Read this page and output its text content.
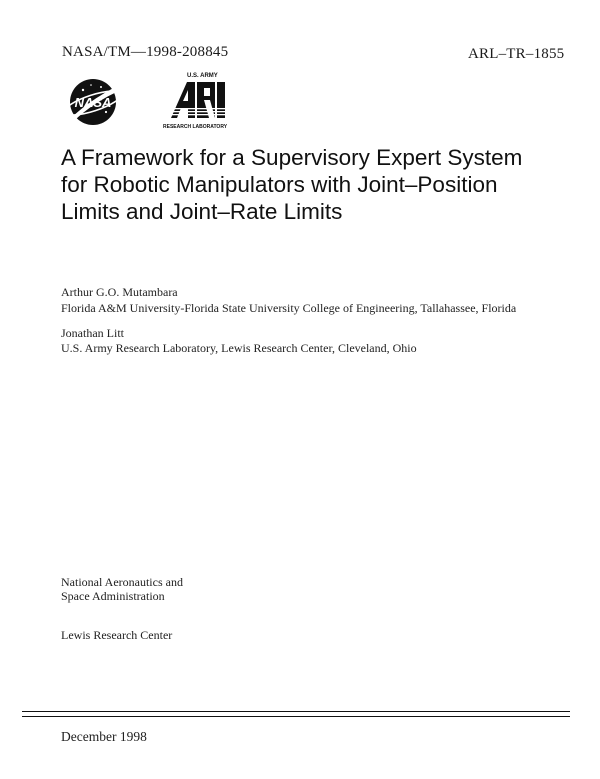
NASA/TM—1998-208845	ARL–TR–1855
NASA
U.S. ARMY
RESEARCH LABORATORY
A Framework for a Supervisory Expert System
for Robotic Manipulators with Joint–Position
Limits and Joint–Rate Limits
Arthur G.O. Mutambara
Florida A&M University-Florida State University College of Engineering, Tallahassee, Florida
Jonathan Litt
U.S. Army Research Laboratory, Lewis Research Center, Cleveland, Ohio
National Aeronautics and
Space Administration
Lewis Research Center
December 1998
